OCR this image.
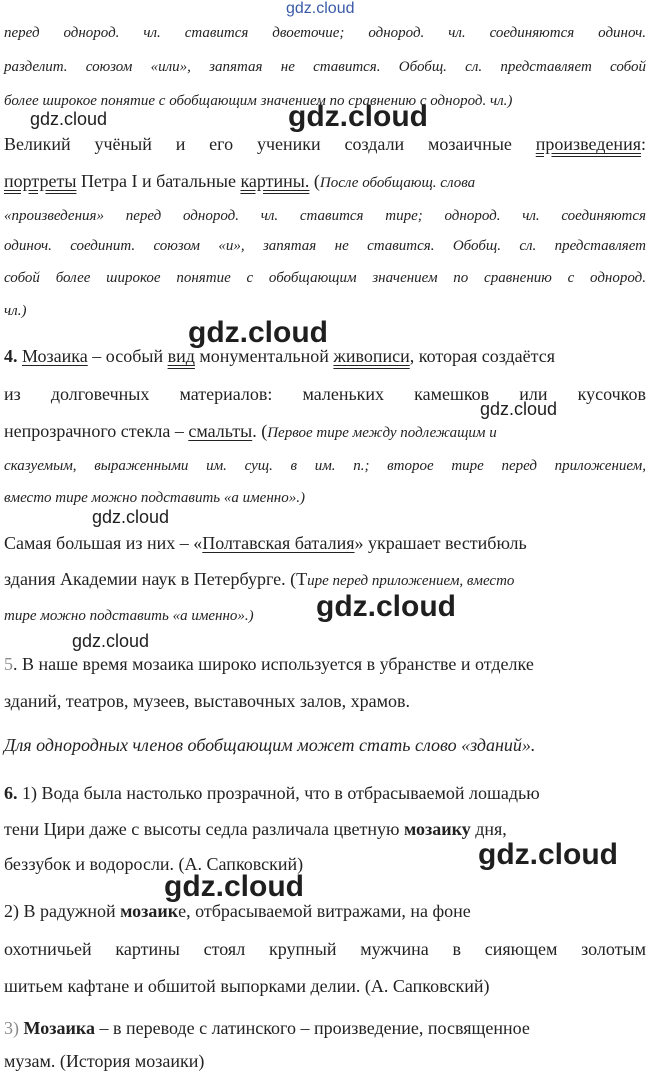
gdz.cloud
перед однород. чл. ставится двоеточие; однород. чл. соединяются одиноч.
разделит. союзом «или», запятая не ставится. Обобщ. сл. представляет собой
более широкое понятие с обобщающим значением по сравнению с однород. чл.)
gdz.cloud	gdz.cloud
Великий учёный и его ученики создали мозаичные произведения:
портреты Петра I и батальные картины. (После обобщающ. слова
«произведения» перед однород. чл. ставится тире; однород. чл. соединяются
одиноч. соединит. союзом «и», запятая не ставится. Обобщ. сл. представляет
собой более широкое понятие с обобщающим значением по сравнению с однород.
чл.)
gdz.cloud
4. Мозаика – особый вид монументальной живописи, которая создаётся
из долговечных материалов: маленьких камешков или кусочков
gdz.cloud
непрозрачного стекла – смальты. (Первое тире между подлежащим и
сказуемым, выраженными им. сущ. в им. п.; второе тире перед приложением,
вместо тире можно подставить «а именно».)
gdz.cloud
Самая большая из них – «Полтавская баталия» украшает вестибюль
здания Академии наук в Петербурге. (Тире перед приложением, вместо
тире можно подставить «а именно».)	gdz.cloud
gdz.cloud
5. В наше время мозаика широко используется в убранстве и отделке
зданий, театров, музеев, выставочных залов, храмов.
Для однородных членов обобщающим может стать слово «зданий».
6. 1) Вода была настолько прозрачной, что в отбрасываемой лошадью
тени Цири даже с высоты седла различала цветную мозаику дня,
беззубок и водоросли. (А. Сапковский)	gdz.cloud
gdz.cloud
2) В радужной мозаике, отбрасываемой витражами, на фоне
охотничьей картины стоял крупный мужчина в сияющем золотым
шитьем кафтане и обшитой выпорками делии. (А. Сапковский)
3) Мозаика – в переводе с латинского – произведение, посвященное
музам. (История мозаики)
